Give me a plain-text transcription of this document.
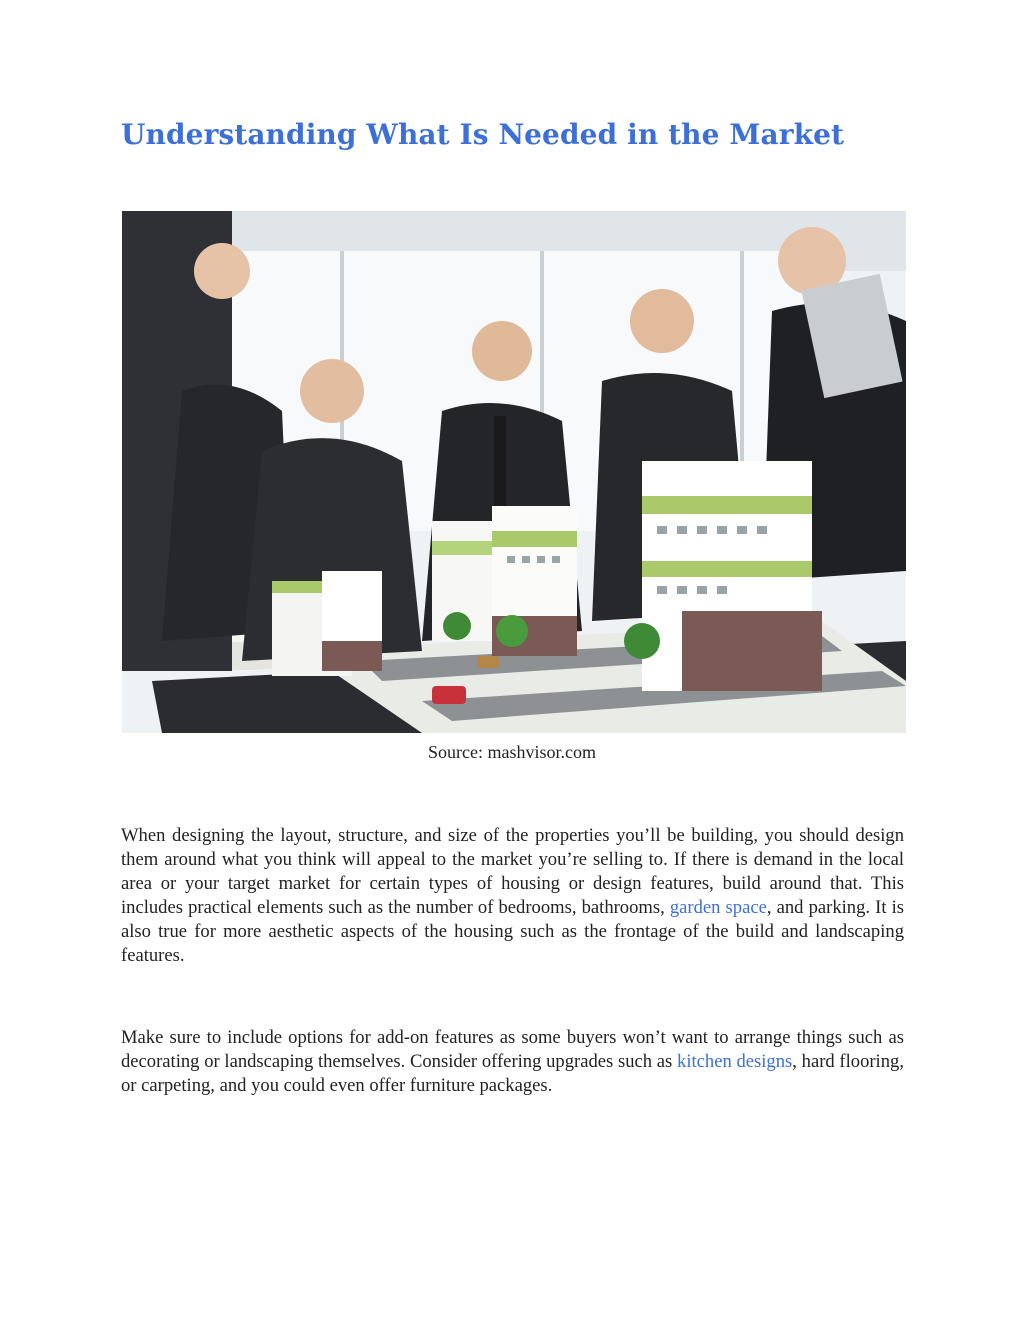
Understanding What Is Needed in the Market
Source: mashvisor.com

When designing the layout, structure, and size of the properties you’ll be building, you should design them around what you think will appeal to the market you’re selling to. If there is demand in the local area or your target market for certain types of housing or design features, build around that. This includes practical elements such as the number of bedrooms, bathrooms, garden space, and parking. It is also true for more aesthetic aspects of the housing such as the frontage of the build and landscaping features.

Make sure to include options for add-on features as some buyers won’t want to arrange things such as decorating or landscaping themselves. Consider offering upgrades such as kitchen designs, hard flooring, or carpeting, and you could even offer furniture packages.
